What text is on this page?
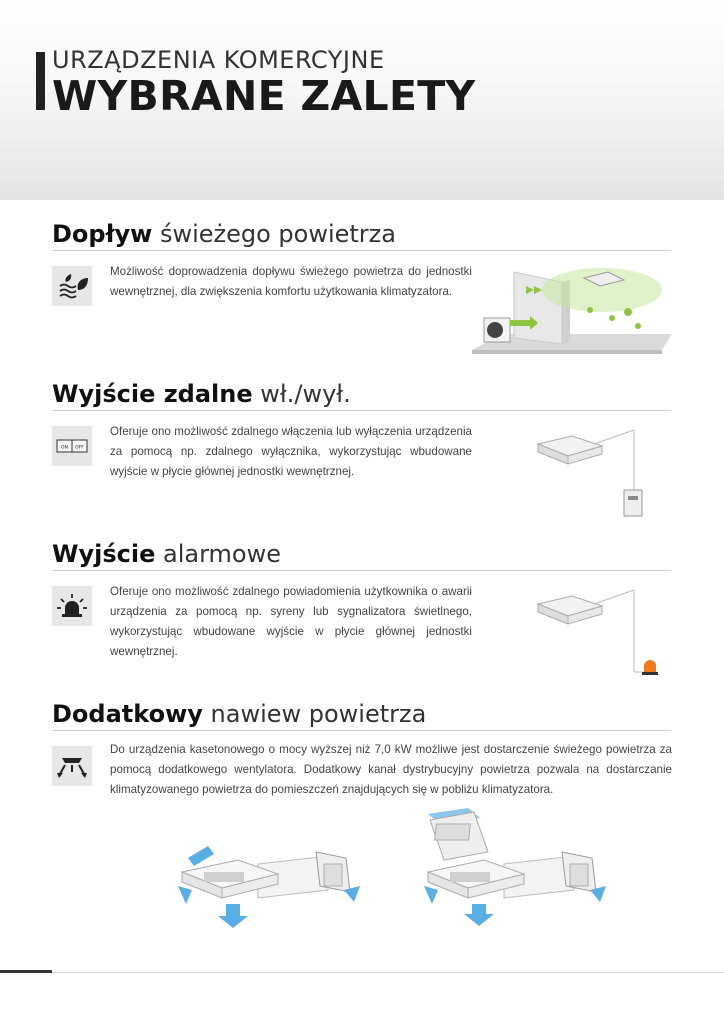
URZĄDZENIA KOMERCYJNE
WYBRANE ZALETY
Dopływ świeżego powietrza
Możliwość doprowadzenia dopływu świeżego powietrza do jednostki wewnętrznej, dla zwiększenia komfortu użytkowania klimatyzatora.
Wyjście zdalne wł./wył.
ON OFF
Oferuje ono możliwość zdalnego włączenia lub wyłączenia urządzenia za pomocą np. zdalnego wyłącznika, wykorzystując wbudowane wyjście w płycie głównej jednostki wewnętrznej.
Wyjście alarmowe
Oferuje ono możliwość zdalnego powiadomienia użytkownika o awarii urządzenia za pomocą np. syreny lub sygnalizatora świetlnego, wykorzystując wbudowane wyjście w płycie głównej jednostki wewnętrznej.
Dodatkowy nawiew powietrza
Do urządzenia kasetonowego o mocy wyższej niż 7,0 kW możliwe jest dostarczenie świeżego powietrza za pomocą dodatkowego wentylatora. Dodatkowy kanał dystrybucyjny powietrza pozwala na dostarczanie klimatyzowanego powietrza do pomieszczeń znajdujących się w pobliżu klimatyzatora.
